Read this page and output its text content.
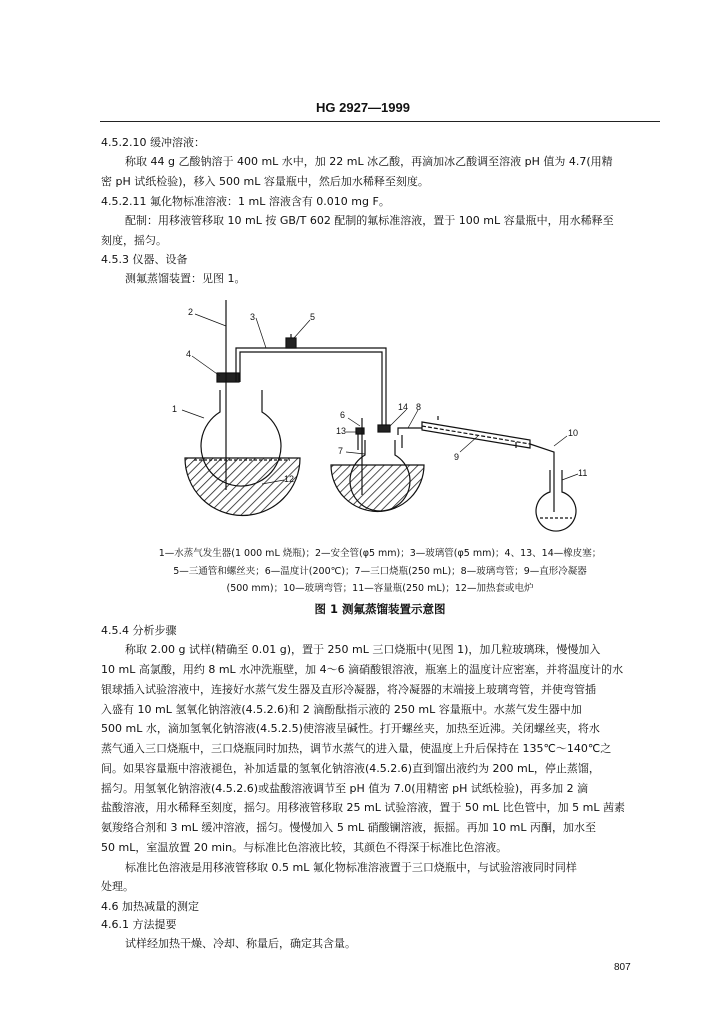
HG 2927—1999
4.5.2.10 缓冲溶液：
称取 44 g 乙酸钠溶于 400 mL 水中，加 22 mL 冰乙酸，再滴加冰乙酸调至溶液 pH 值为 4.7(用精
密 pH 试纸检验)，移入 500 mL 容量瓶中，然后加水稀释至刻度。
4.5.2.11 氟化物标准溶液：1 mL 溶液含有 0.010 mg F。
配制：用移液管移取 10 mL 按 GB/T 602 配制的氟标准溶液，置于 100 mL 容量瓶中，用水稀释至
刻度，摇匀。
4.5.3 仪器、设备
测氟蒸馏装置：见图 1。
1
2	3
4
5
6
7
8
9
10
11
12
13
14
1—水蒸气发生器(1 000 mL 烧瓶)；2—安全管(φ5 mm)；3—玻璃管(φ5 mm)；4、13、14—橡皮塞；
5—三通管和螺丝夹；6—温度计(200℃)；7—三口烧瓶(250 mL)；8—玻璃弯管；9—直形冷凝器
(500 mm)；10—玻璃弯管；11—容量瓶(250 mL)；12—加热套或电炉
图 1 测氟蒸馏装置示意图
4.5.4 分析步骤
称取 2.00 g 试样(精确至 0.01 g)，置于 250 mL 三口烧瓶中(见图 1)，加几粒玻璃珠，慢慢加入
10 mL 高氯酸，用约 8 mL 水冲洗瓶壁，加 4～6 滴硝酸银溶液，瓶塞上的温度计应密塞，并将温度计的水
银球插入试验溶液中，连接好水蒸气发生器及直形冷凝器，将冷凝器的末端接上玻璃弯管，并使弯管插
入盛有 10 mL 氢氧化钠溶液(4.5.2.6)和 2 滴酚酞指示液的 250 mL 容量瓶中。水蒸气发生器中加
500 mL 水，滴加氢氧化钠溶液(4.5.2.5)使溶液呈碱性。打开螺丝夹，加热至近沸。关闭螺丝夹，将水
蒸气通入三口烧瓶中，三口烧瓶同时加热，调节水蒸气的进入量，使温度上升后保持在 135℃～140℃之
间。如果容量瓶中溶液褪色，补加适量的氢氧化钠溶液(4.5.2.6)直到馏出液约为 200 mL，停止蒸馏，
摇匀。用氢氧化钠溶液(4.5.2.6)或盐酸溶液调节至 pH 值为 7.0(用精密 pH 试纸检验)，再多加 2 滴
盐酸溶液，用水稀释至刻度，摇匀。用移液管移取 25 mL 试验溶液，置于 50 mL 比色管中，加 5 mL 茜素
氨羧络合剂和 3 mL 缓冲溶液，摇匀。慢慢加入 5 mL 硝酸镧溶液，振摇。再加 10 mL 丙酮，加水至
50 mL，室温放置 20 min。与标准比色溶液比较，其颜色不得深于标准比色溶液。
标准比色溶液是用移液管移取 0.5 mL 氟化物标准溶液置于三口烧瓶中，与试验溶液同时同样
处理。
4.6 加热减量的测定
4.6.1 方法提要
试样经加热干燥、冷却、称量后，确定其含量。
807
